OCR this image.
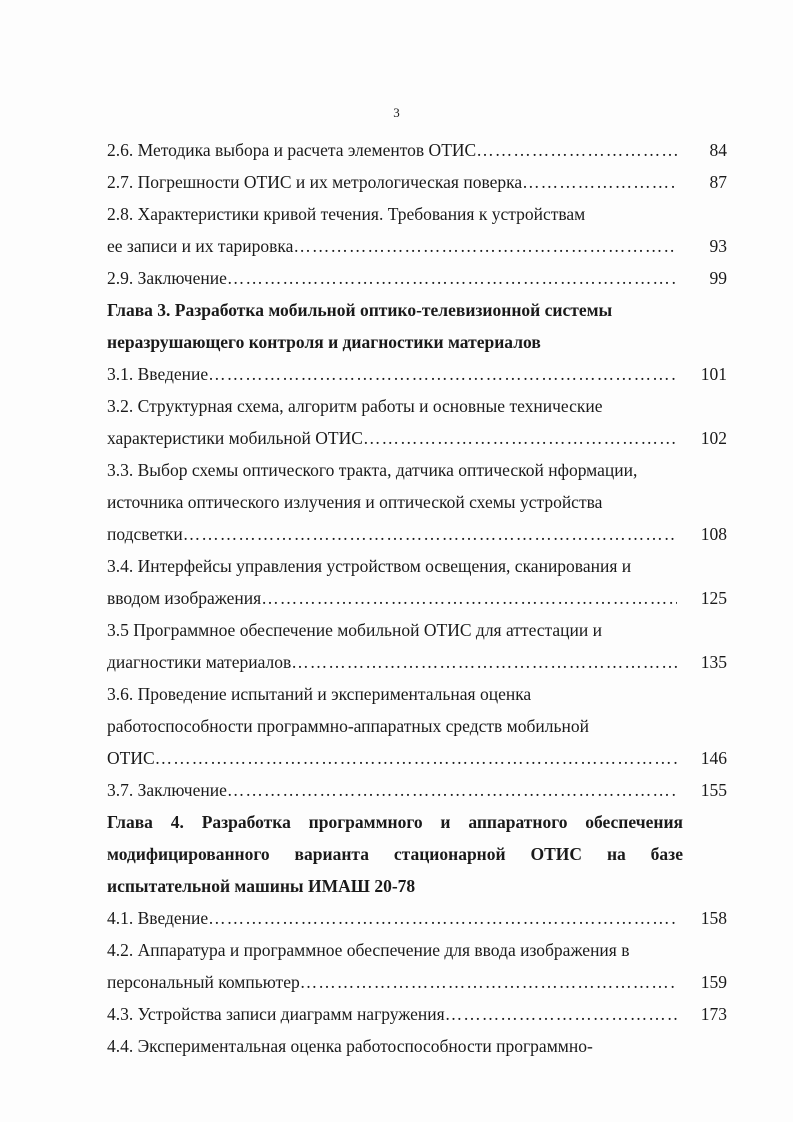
3
2.6. Методика выбора и расчета элементов ОТИС ……………………………………………………………………………………………………………………………………………………………………………………	84
2.7. Погрешности ОТИС и их метрологическая поверка ……………………………………………………………………………………………………………………………………………………………………………………	87
2.8. Характеристики кривой течения. Требования к устройствам
ее записи и их тарировка ……………………………………………………………………………………………………………………………………………………………………………………	93
2.9. Заключение ……………………………………………………………………………………………………………………………………………………………………………………	99
Глава 3. Разработка мобильной оптико-телевизионной системы
неразрушающего контроля и диагностики материалов
3.1. Введение ……………………………………………………………………………………………………………………………………………………………………………………	101
3.2. Структурная схема, алгоритм работы и основные технические
характеристики мобильной ОТИС ……………………………………………………………………………………………………………………………………………………………………………………	102
3.3. Выбор схемы оптического тракта, датчика оптической нформации,
источника оптического излучения и оптической схемы устройства
подсветки ……………………………………………………………………………………………………………………………………………………………………………………	108
3.4. Интерфейсы управления устройством освещения, сканирования и
вводом изображения ……………………………………………………………………………………………………………………………………………………………………………………	125
3.5 Программное обеспечение мобильной ОТИС для аттестации и
диагностики материалов ……………………………………………………………………………………………………………………………………………………………………………………	135
3.6. Проведение испытаний и экспериментальная оценка
работоспособности программно-аппаратных средств мобильной
ОТИС ……………………………………………………………………………………………………………………………………………………………………………………	146
3.7. Заключение ……………………………………………………………………………………………………………………………………………………………………………………	155
Глава 4. Разработка программного и аппаратного обеспечения
модифицированного варианта стационарной ОТИС на базе
испытательной машины ИМАШ 20-78
4.1. Введение ……………………………………………………………………………………………………………………………………………………………………………………	158
4.2. Аппаратура и программное обеспечение для ввода изображения в
персональный компьютер ……………………………………………………………………………………………………………………………………………………………………………………	159
4.3. Устройства записи диаграмм нагружения ……………………………………………………………………………………………………………………………………………………………………………………	173
4.4. Экспериментальная оценка работоспособности программно-
